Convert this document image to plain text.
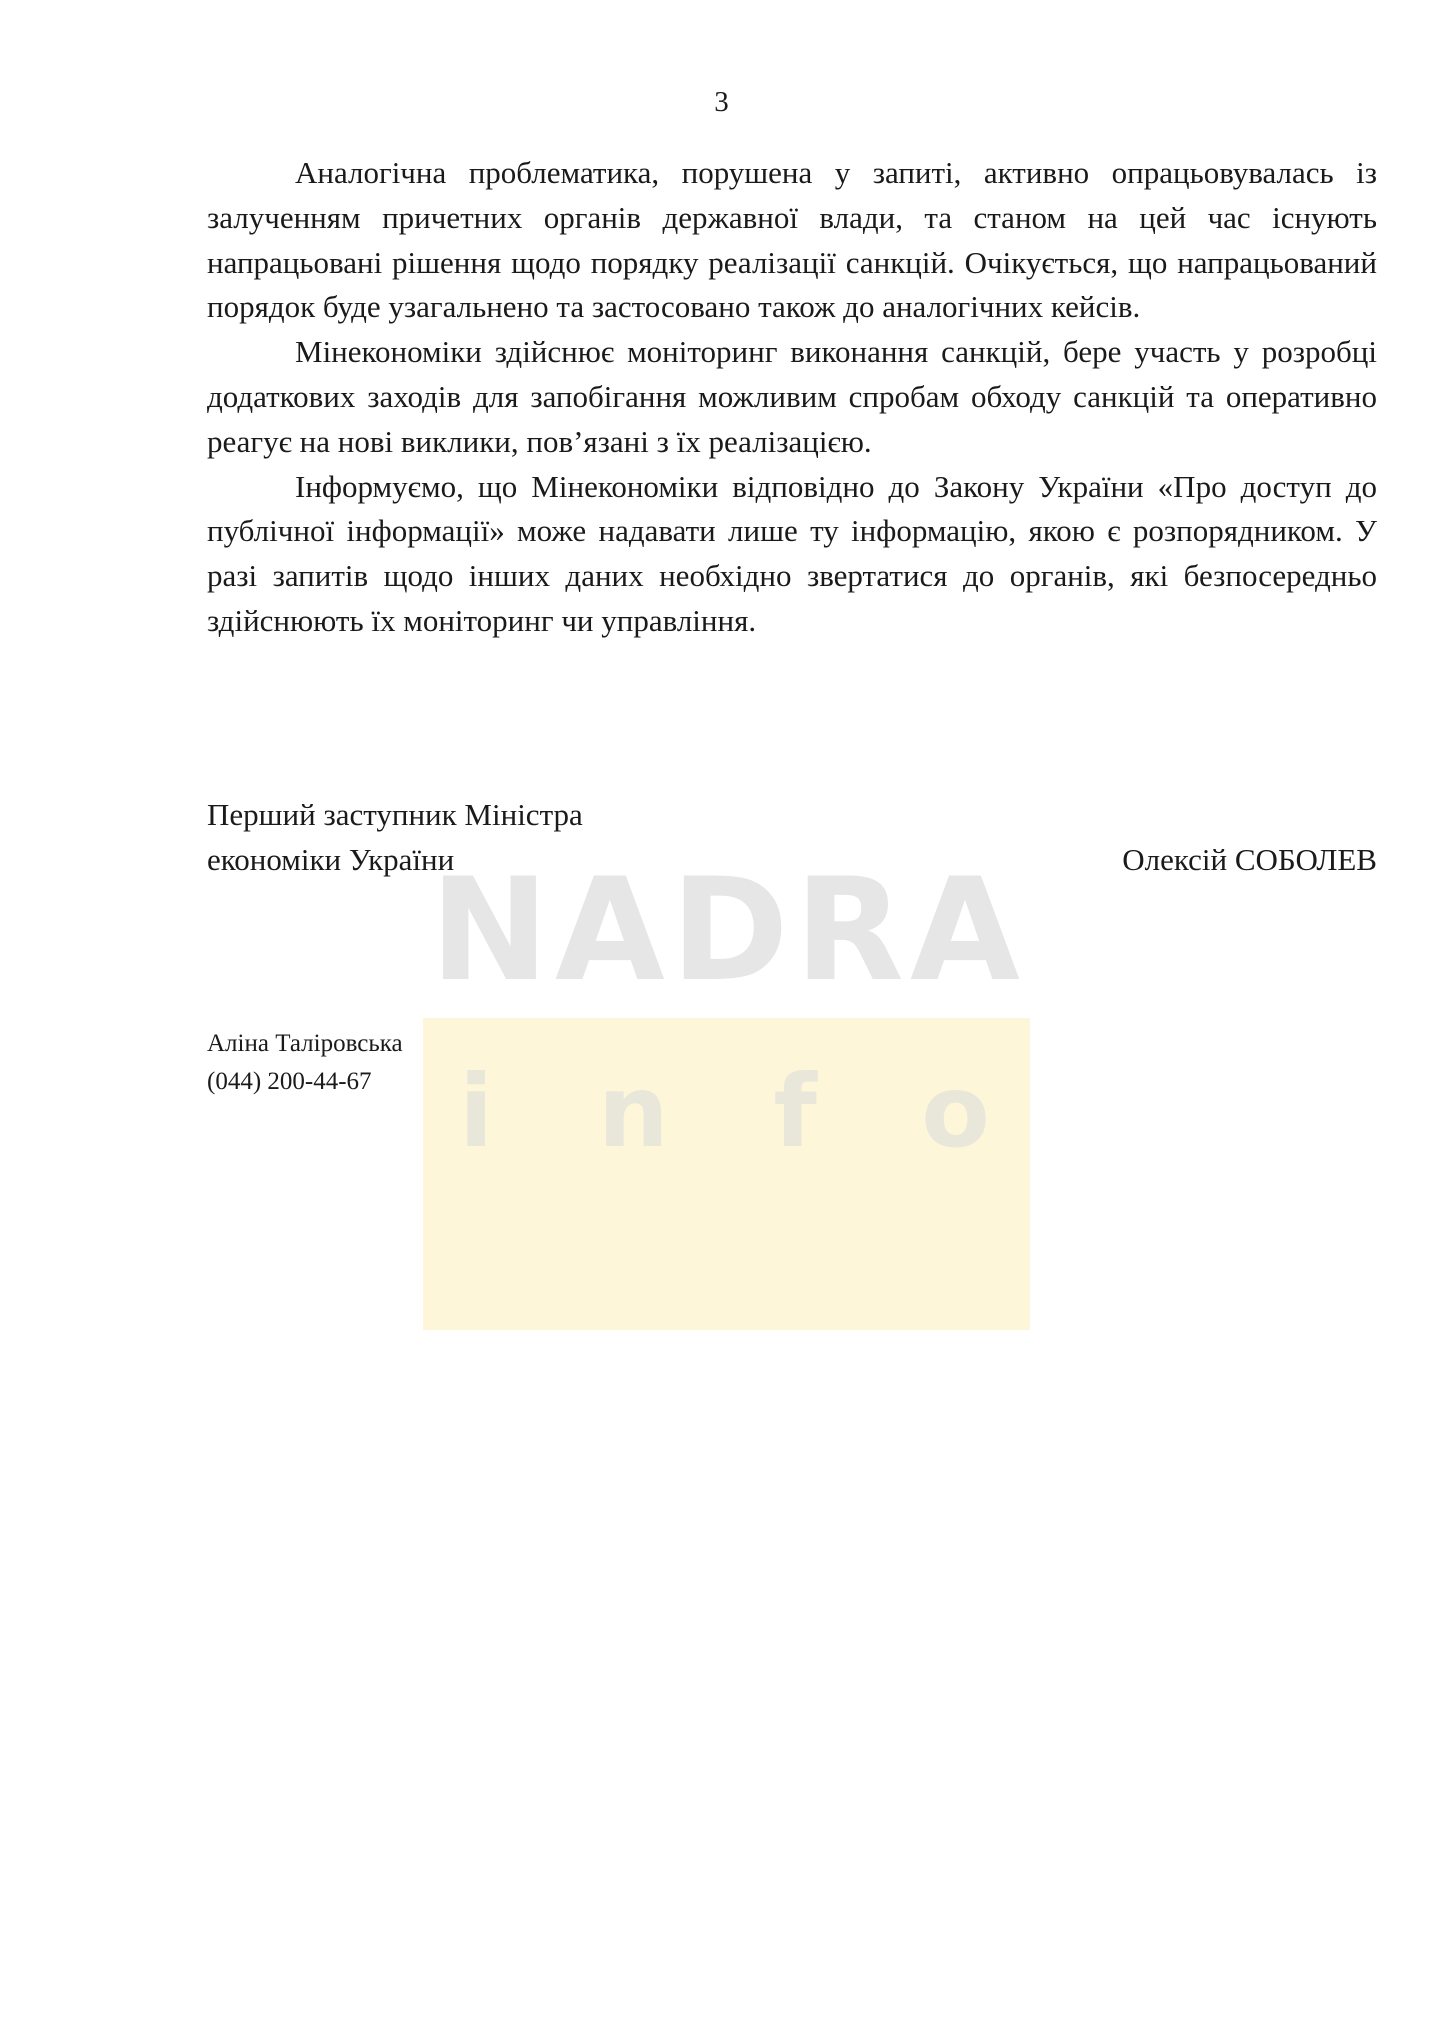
3

Аналогічна проблематика, порушена у запиті, активно опрацьовувалась із залученням причетних органів державної влади, та станом на цей час існують напрацьовані рішення щодо порядку реалізації санкцій. Очікується, що напрацьований порядок буде узагальнено та застосовано також до аналогічних кейсів.

Мінекономіки здійснює моніторинг виконання санкцій, бере участь у розробці додаткових заходів для запобігання можливим спробам обходу санкцій та оперативно реагує на нові виклики, пов’язані з їх реалізацією.

Інформуємо, що Мінекономіки відповідно до Закону України «Про доступ до публічної інформації» може надавати лише ту інформацію, якою є розпорядником. У разі запитів щодо інших даних необхідно звертатися до органів, які безпосередньо здійснюють їх моніторинг чи управління.

NADRA
i n f o
Перший заступник Міністра
економіки України	Олексій СОБОЛЕВ
Аліна Таліровська
(044) 200-44-67
